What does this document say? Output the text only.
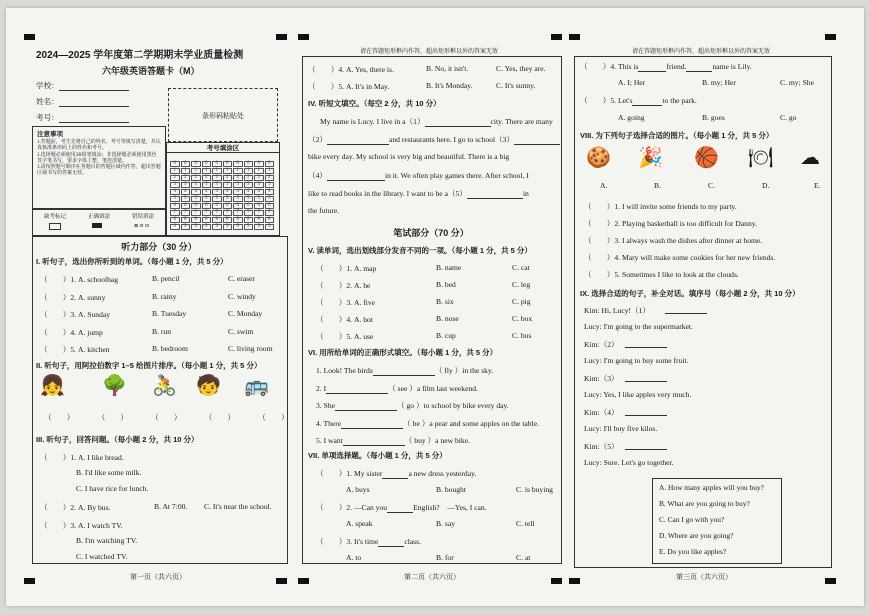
2024—2025 学年度第二学期期末学业质量检测
六年级英语答题卡（M）
学校：
姓名：
考号：	条形码粘贴处
注意事项
1.答题前，考生先将自己的姓名、考号等填写清楚，并认真核准条形码上的姓名和考号。
2.选择题必须使用2B铅笔填涂；非选择题必须使用黑色签字笔书写，要求字体工整，笔迹清楚。
3.请按照题号顺序在各题目的答题区域内作答，超出答题区域书写的答案无效。
考号填涂区
0	0	0	0	0	0	0	0	0	0
1	1	1	1	1	1	1	1	1	1
2	2	2	2	2	2	2	2	2	2
3	3	3	3	3	3	3	3	3	3
4	4	4	4	4	4	4	4	4	4
5	5	5	5	5	5	5	5	5	5
6	6	6	6	6	6	6	6	6	6
7	7	7	7	7	7	7	7	7	7
8	8	8	8	8	8	8	8	8	8
9	9	9	9	9	9	9	9	9	9
缺考标记	正确填涂	错误填涂
⊠ ⊘ ⊡
听力部分（30 分）
I. 听句子，选出你所听到的单词。（每小题 1 分，共 5 分）
（　　）1. A. schoolbag	B. pencil	C. eraser
（　　）2. A. sunny	B. rainy	C. windy
（　　）3. A. Sunday	B. Tuesday	C. Monday
（　　）4. A. jump	B. run	C. swim
（　　）5. A. kitchen	B. bedroom	C. living room
II. 听句子，用阿拉伯数字 1–5 给图片排序。（每小题 1 分，共 5 分）
👧 🌳 🚴 🧒 🚌
（　　）	（　　）	（　　）	（　　）	（　　）
III. 听句子，回答问题。（每小题 2 分，共 10 分）
（　　）1. A. I like bread.
B. I'd like some milk.
C. I have rice for lunch.
（　　）2. A. By bus.	B. At 7:00. C. It's near the school.
（　　）3. A. I watch TV.
B. I'm watching TV.
C. I watched TV.
第一页（共六页）
请在答题矩形框内作答，超出矩形框以外的答案无效
（　　）4. A. Yes, there is.	B. No, it isn't.	C. Yes, they are.
（　　）5. A. It's in May.	B. It's Monday.	C. It's sunny.
IV. 听短文填空。（每空 2 分，共 10 分）
My name is Lucy. I live in a（1）	city. There are many
（2）	and restaurants here. I go to school（3）
bike every day. My school is very big and beautiful. There is a big
（4）	in it. We often play games there. After school, I
like to read books in the library. I want to be a（5）	in
the future.
笔试部分（70 分）
V. 读单词，选出划线部分发音不同的一项。（每小题 1 分，共 5 分）
（　　）1. A. map	B. name	C. cat
（　　）2. A. he	B. bed	C. leg
（　　）3. A. five	B. six	C. pig
（　　）4. A. hot	B. nose	C. box
（　　）5. A. use	B. cup	C. bus
VI. 用所给单词的正确形式填空。（每小题 1 分，共 5 分）
1. Look! The birds	（ fly ）in the sky.
2. I	（ see ）a film last weekend.
3. She	（ go ）to school by bike every day.
4. There	（ be ）a pear and some apples on the table.
5. I want	（ buy ）a new bike.
VII. 单项选择题。（每小题 1 分，共 5 分）
（　　）1. My sister	a new dress yesterday.
A. buys	B. bought	C. is buying
（　　）2. —Can you	English?　—Yes, I can.
A. speak	B. say	C. tell
（　　）3. It's time	class.
A. to	B. for	C. at
第二页（共六页）
请在答题矩形框内作答，超出矩形框以外的答案无效
（　　）4. This is	friend.	name is Lily.
A. I; Her	B. my; Her	C. my; She
（　　）5. Let's	to the park.
A. going	B. goes	C. go
VIII. 为下列句子选择合适的图片。（每小题 1 分，共 5 分）
🍪 🎉 🏀 🍽 ☁
A.	B.	C.	D.	E.
（　　）1. I will invite some friends to my party.
（　　）2. Playing basketball is too difficult for Danny.
（　　）3. I always wash the dishes after dinner at home.
（　　）4. Mary will make some cookies for her new friends.
（　　）5. Sometimes I like to look at the clouds.
IX. 选择合适的句子，补全对话。填序号（每小题 2 分，共 10 分）
Kim: Hi, Lucy!（1）
Lucy: I'm going to the supermarket.
Kim:（2）
Lucy: I'm going to buy some fruit.
Kim:（3）
Lucy: Yes, I like apples very much.
Kim:（4）
Lucy: I'll buy five kilos.
Kim:（5）
Lucy: Sure. Let's go together.
A. How many apples will you buy?
B. What are you going to buy?
C. Can I go with you?
D. Where are you going?
E. Do you like apples?
第三页（共六页）
